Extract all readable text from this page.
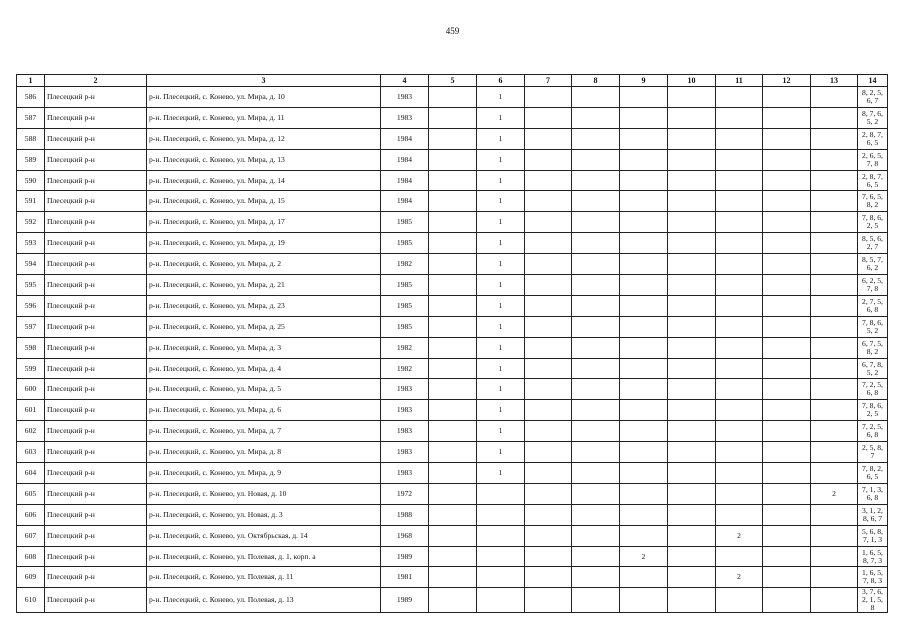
459
1	2	3	4	5	6	7	8	9	10	11	12	13	14
586	Плесецкий р-н	р-н. Плесецкий, с. Конево, ул. Мира, д. 10	1983		1								8, 2, 5, 6, 7
587	Плесецкий р-н	р-н. Плесецкий, с. Конево, ул. Мира, д. 11	1983		1								8, 7, 6, 5, 2
588	Плесецкий р-н	р-н. Плесецкий, с. Конево, ул. Мира, д. 12	1984		1								2, 8, 7, 6, 5
589	Плесецкий р-н	р-н. Плесецкий, с. Конево, ул. Мира, д. 13	1984		1								2, 6, 5, 7, 8
590	Плесецкий р-н	р-н. Плесецкий, с. Конево, ул. Мира, д. 14	1984		1								2, 8, 7, 6, 5
591	Плесецкий р-н	р-н. Плесецкий, с. Конево, ул. Мира, д. 15	1984		1								7, 6, 5, 8, 2
592	Плесецкий р-н	р-н. Плесецкий, с. Конево, ул. Мира, д. 17	1985		1								7, 8, 6, 2, 5
593	Плесецкий р-н	р-н. Плесецкий, с. Конево, ул. Мира, д. 19	1985		1								8, 5, 6, 2, 7
594	Плесецкий р-н	р-н. Плесецкий, с. Конево, ул. Мира, д. 2	1982		1								8, 5, 7, 6, 2
595	Плесецкий р-н	р-н. Плесецкий, с. Конево, ул. Мира, д. 21	1985		1								6, 2, 5, 7, 8
596	Плесецкий р-н	р-н. Плесецкий, с. Конево, ул. Мира, д. 23	1985		1								2, 7, 5, 6, 8
597	Плесецкий р-н	р-н. Плесецкий, с. Конево, ул. Мира, д. 25	1985		1								7, 8, 6, 5, 2
598	Плесецкий р-н	р-н. Плесецкий, с. Конево, ул. Мира, д. 3	1982		1								6, 7, 5, 8, 2
599	Плесецкий р-н	р-н. Плесецкий, с. Конево, ул. Мира, д. 4	1982		1								6, 7, 8, 5, 2
600	Плесецкий р-н	р-н. Плесецкий, с. Конево, ул. Мира, д. 5	1983		1								7, 2, 5, 6, 8
601	Плесецкий р-н	р-н. Плесецкий, с. Конево, ул. Мира, д. 6	1983		1								7, 8, 6, 2, 5
602	Плесецкий р-н	р-н. Плесецкий, с. Конево, ул. Мира, д. 7	1983		1								7, 2, 5, 6, 8
603	Плесецкий р-н	р-н. Плесецкий, с. Конево, ул. Мира, д. 8	1983		1								2, 5, 8, 7
604	Плесецкий р-н	р-н. Плесецкий, с. Конево, ул. Мира, д. 9	1983		1								7, 8, 2, 6, 5
605	Плесецкий р-н	р-н. Плесецкий, с. Конево, ул. Новая, д. 10	1972									2	7, 1, 3, 6, 8
606	Плесецкий р-н	р-н. Плесецкий, с. Конево, ул. Новая, д. 3	1988										3, 1, 2, 8, 6, 7
607	Плесецкий р-н	р-н. Плесецкий, с. Конево, ул. Октябрьская, д. 14	1968							2			5, 6, 8, 7, 1, 3
608	Плесецкий р-н	р-н. Плесецкий, с. Конево, ул. Полевая, д. 1, корп. а	1989					2					1, 6, 5, 8, 7, 3
609	Плесецкий р-н	р-н. Плесецкий, с. Конево, ул. Полевая, д. 11	1981							2			1, 6, 5, 7, 8, 3
610	Плесецкий р-н	р-н. Плесецкий, с. Конево, ул. Полевая, д. 13	1989										3, 7, 6, 2, 1, 5, 8
